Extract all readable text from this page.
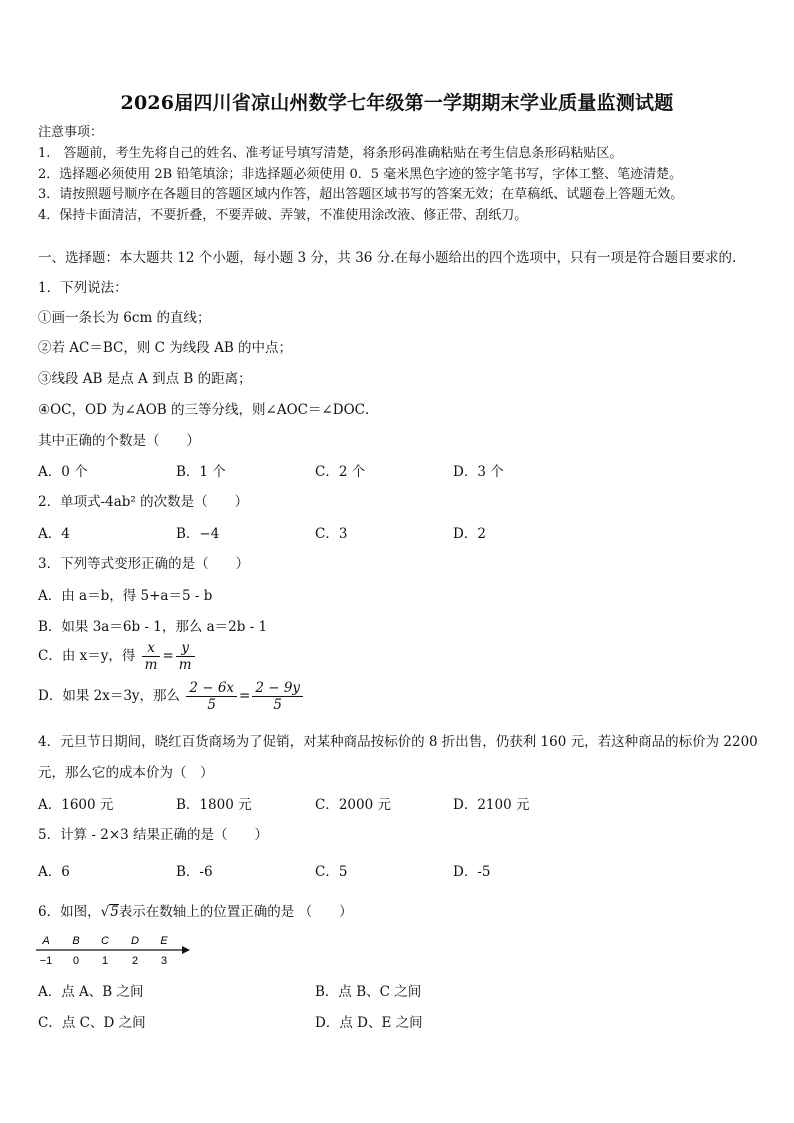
2026届四川省凉山州数学七年级第一学期期末学业质量监测试题
注意事项：
1.　答题前，考生先将自己的姓名、准考证号填写清楚，将条形码准确粘贴在考生信息条形码粘贴区。
2．选择题必须使用 2B 铅笔填涂；非选择题必须使用 0．5 毫米黑色字迹的签字笔书写，字体工整、笔迹清楚。
3．请按照题号顺序在各题目的答题区域内作答，超出答题区域书写的答案无效；在草稿纸、试题卷上答题无效。
4．保持卡面清洁，不要折叠，不要弄破、弄皱，不准使用涂改液、修正带、刮纸刀。
一、选择题：本大题共 12 个小题，每小题 3 分，共 36 分.在每小题给出的四个选项中，只有一项是符合题目要求的.
1．下列说法：
①画一条长为 6cm 的直线；
②若 AC＝BC，则 C 为线段 AB 的中点；
③线段 AB 是点 A 到点 B 的距离；
④OC，OD 为∠AOB 的三等分线，则∠AOC＝∠DOC．
其中正确的个数是（　　）
A．0 个	B．1 个	C．2 个	D．3 个
2．单项式-4ab² 的次数是（　　）
A．4	B．−4	C．3	D．2
3．下列等式变形正确的是（　　）
A．由 a＝b，得 5+a＝5 - b
B．如果 3a＝6b - 1，那么 a＝2b - 1
C．由 x＝y，得 $\frac{x}{m} = \frac{y}{m}$
D．如果 2x＝3y，那么 $\frac{2 - 6x}{5} = \frac{2 - 9y}{5}$
4．元旦节日期间，晓红百货商场为了促销，对某种商品按标价的 8 折出售，仍获利 160 元，若这种商品的标价为 2200
元，那么它的成本价为（　）
A．1600 元	B．1800 元	C．2000 元	D．2100 元
5．计算 - 2×3 结果正确的是（　　）
A．6	B．-6	C．5	D．-5
6．如图，√5表示在数轴上的位置正确的是 （　　）
A B C D E
−1 0 1 2 3
A．点 A、B 之间	B．点 B、C 之间
C．点 C、D 之间	D．点 D、E 之间
